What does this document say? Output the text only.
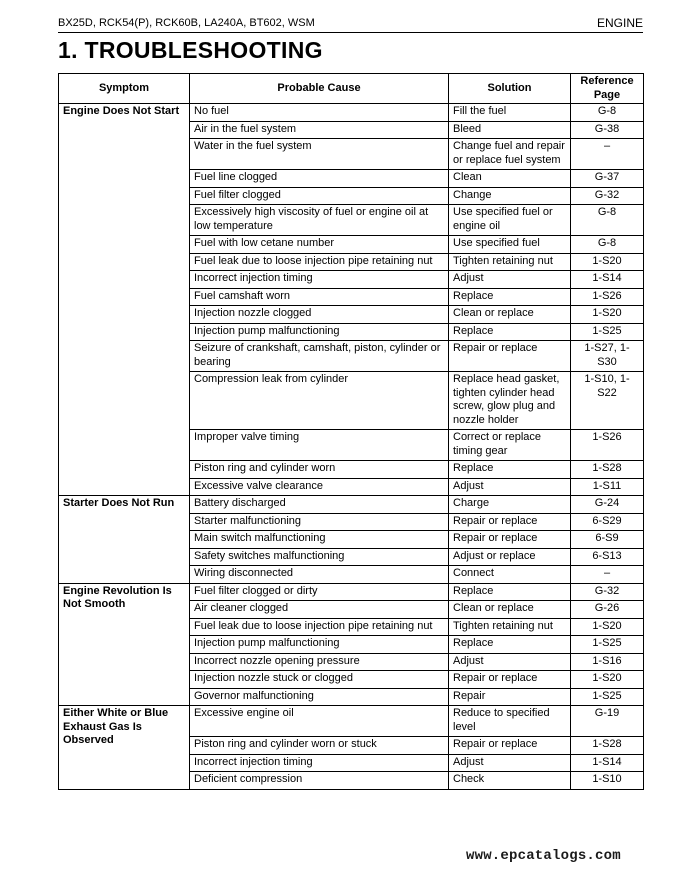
BX25D, RCK54(P), RCK60B, LA240A, BT602, WSM	ENGINE
1. TROUBLESHOOTING
Symptom	Probable Cause	Solution	Reference Page
Engine Does Not Start	No fuel	Fill the fuel	G-8
	Air in the fuel system	Bleed	G-38
	Water in the fuel system	Change fuel and repair or replace fuel system	–
	Fuel line clogged	Clean	G-37
	Fuel filter clogged	Change	G-32
	Excessively high viscosity of fuel or engine oil at low temperature	Use specified fuel or engine oil	G-8
	Fuel with low cetane number	Use specified fuel	G-8
	Fuel leak due to loose injection pipe retaining nut	Tighten retaining nut	1-S20
	Incorrect injection timing	Adjust	1-S14
	Fuel camshaft worn	Replace	1-S26
	Injection nozzle clogged	Clean or replace	1-S20
	Injection pump malfunctioning	Replace	1-S25
	Seizure of crankshaft, camshaft, piston, cylinder or bearing	Repair or replace	1-S27, 1-S30
	Compression leak from cylinder	Replace head gasket, tighten cylinder head screw, glow plug and nozzle holder	1-S10, 1-S22
	Improper valve timing	Correct or replace timing gear	1-S26
	Piston ring and cylinder worn	Replace	1-S28
	Excessive valve clearance	Adjust	1-S11
Starter Does Not Run	Battery discharged	Charge	G-24
	Starter malfunctioning	Repair or replace	6-S29
	Main switch malfunctioning	Repair or replace	6-S9
	Safety switches malfunctioning	Adjust or replace	6-S13
	Wiring disconnected	Connect	–
Engine Revolution Is Not Smooth	Fuel filter clogged or dirty	Replace	G-32
	Air cleaner clogged	Clean or replace	G-26
	Fuel leak due to loose injection pipe retaining nut	Tighten retaining nut	1-S20
	Injection pump malfunctioning	Replace	1-S25
	Incorrect nozzle opening pressure	Adjust	1-S16
	Injection nozzle stuck or clogged	Repair or replace	1-S20
	Governor malfunctioning	Repair	1-S25
Either White or Blue Exhaust Gas Is Observed	Excessive engine oil	Reduce to specified level	G-19
	Piston ring and cylinder worn or stuck	Repair or replace	1-S28
	Incorrect injection timing	Adjust	1-S14
	Deficient compression	Check	1-S10
www.epcatalogs.com
